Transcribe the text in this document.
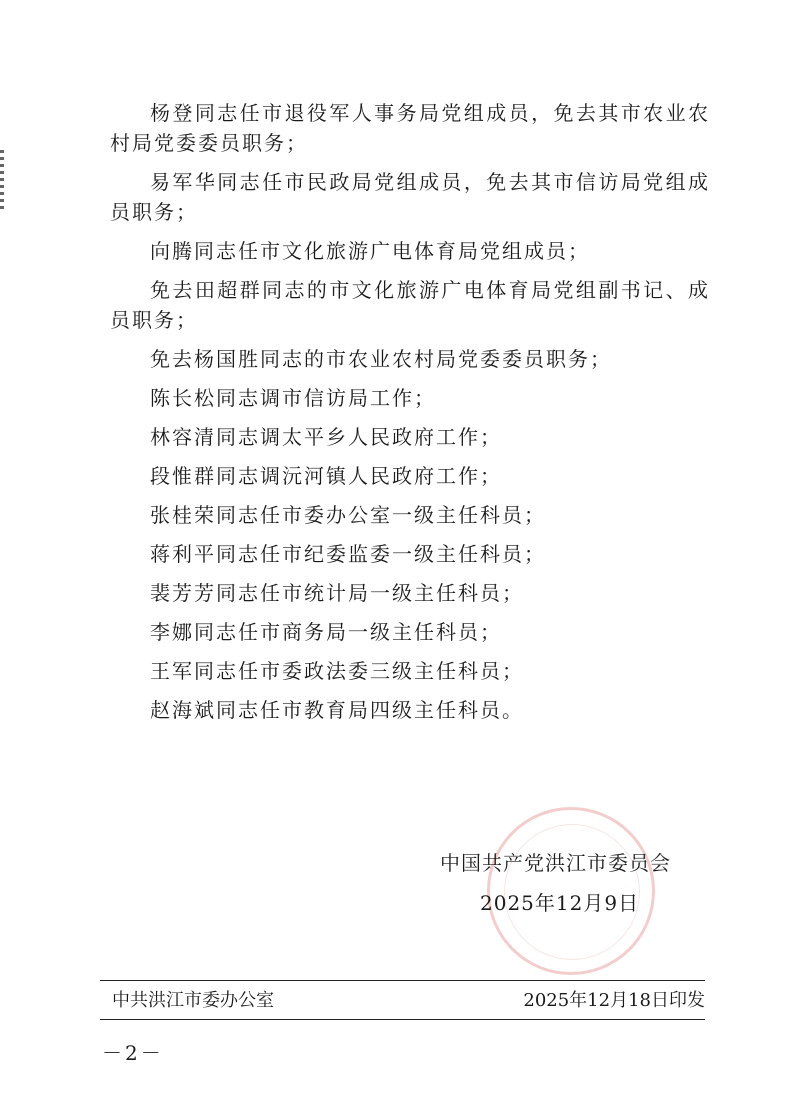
杨登同志任市退役军人事务局党组成员，免去其市农业农村局党委委员职务；

易军华同志任市民政局党组成员，免去其市信访局党组成员职务；

向腾同志任市文化旅游广电体育局党组成员；

免去田超群同志的市文化旅游广电体育局党组副书记、成员职务；

免去杨国胜同志的市农业农村局党委委员职务；

陈长松同志调市信访局工作；

林容清同志调太平乡人民政府工作；

段惟群同志调沅河镇人民政府工作；

张桂荣同志任市委办公室一级主任科员；

蒋利平同志任市纪委监委一级主任科员；

裴芳芳同志任市统计局一级主任科员；

李娜同志任市商务局一级主任科员；

王军同志任市委政法委三级主任科员；

赵海斌同志任市教育局四级主任科员。

中国共产党洪江市委员会
2025年12月9日
中共洪江市委办公室	2025年12月18日印发
－2－
